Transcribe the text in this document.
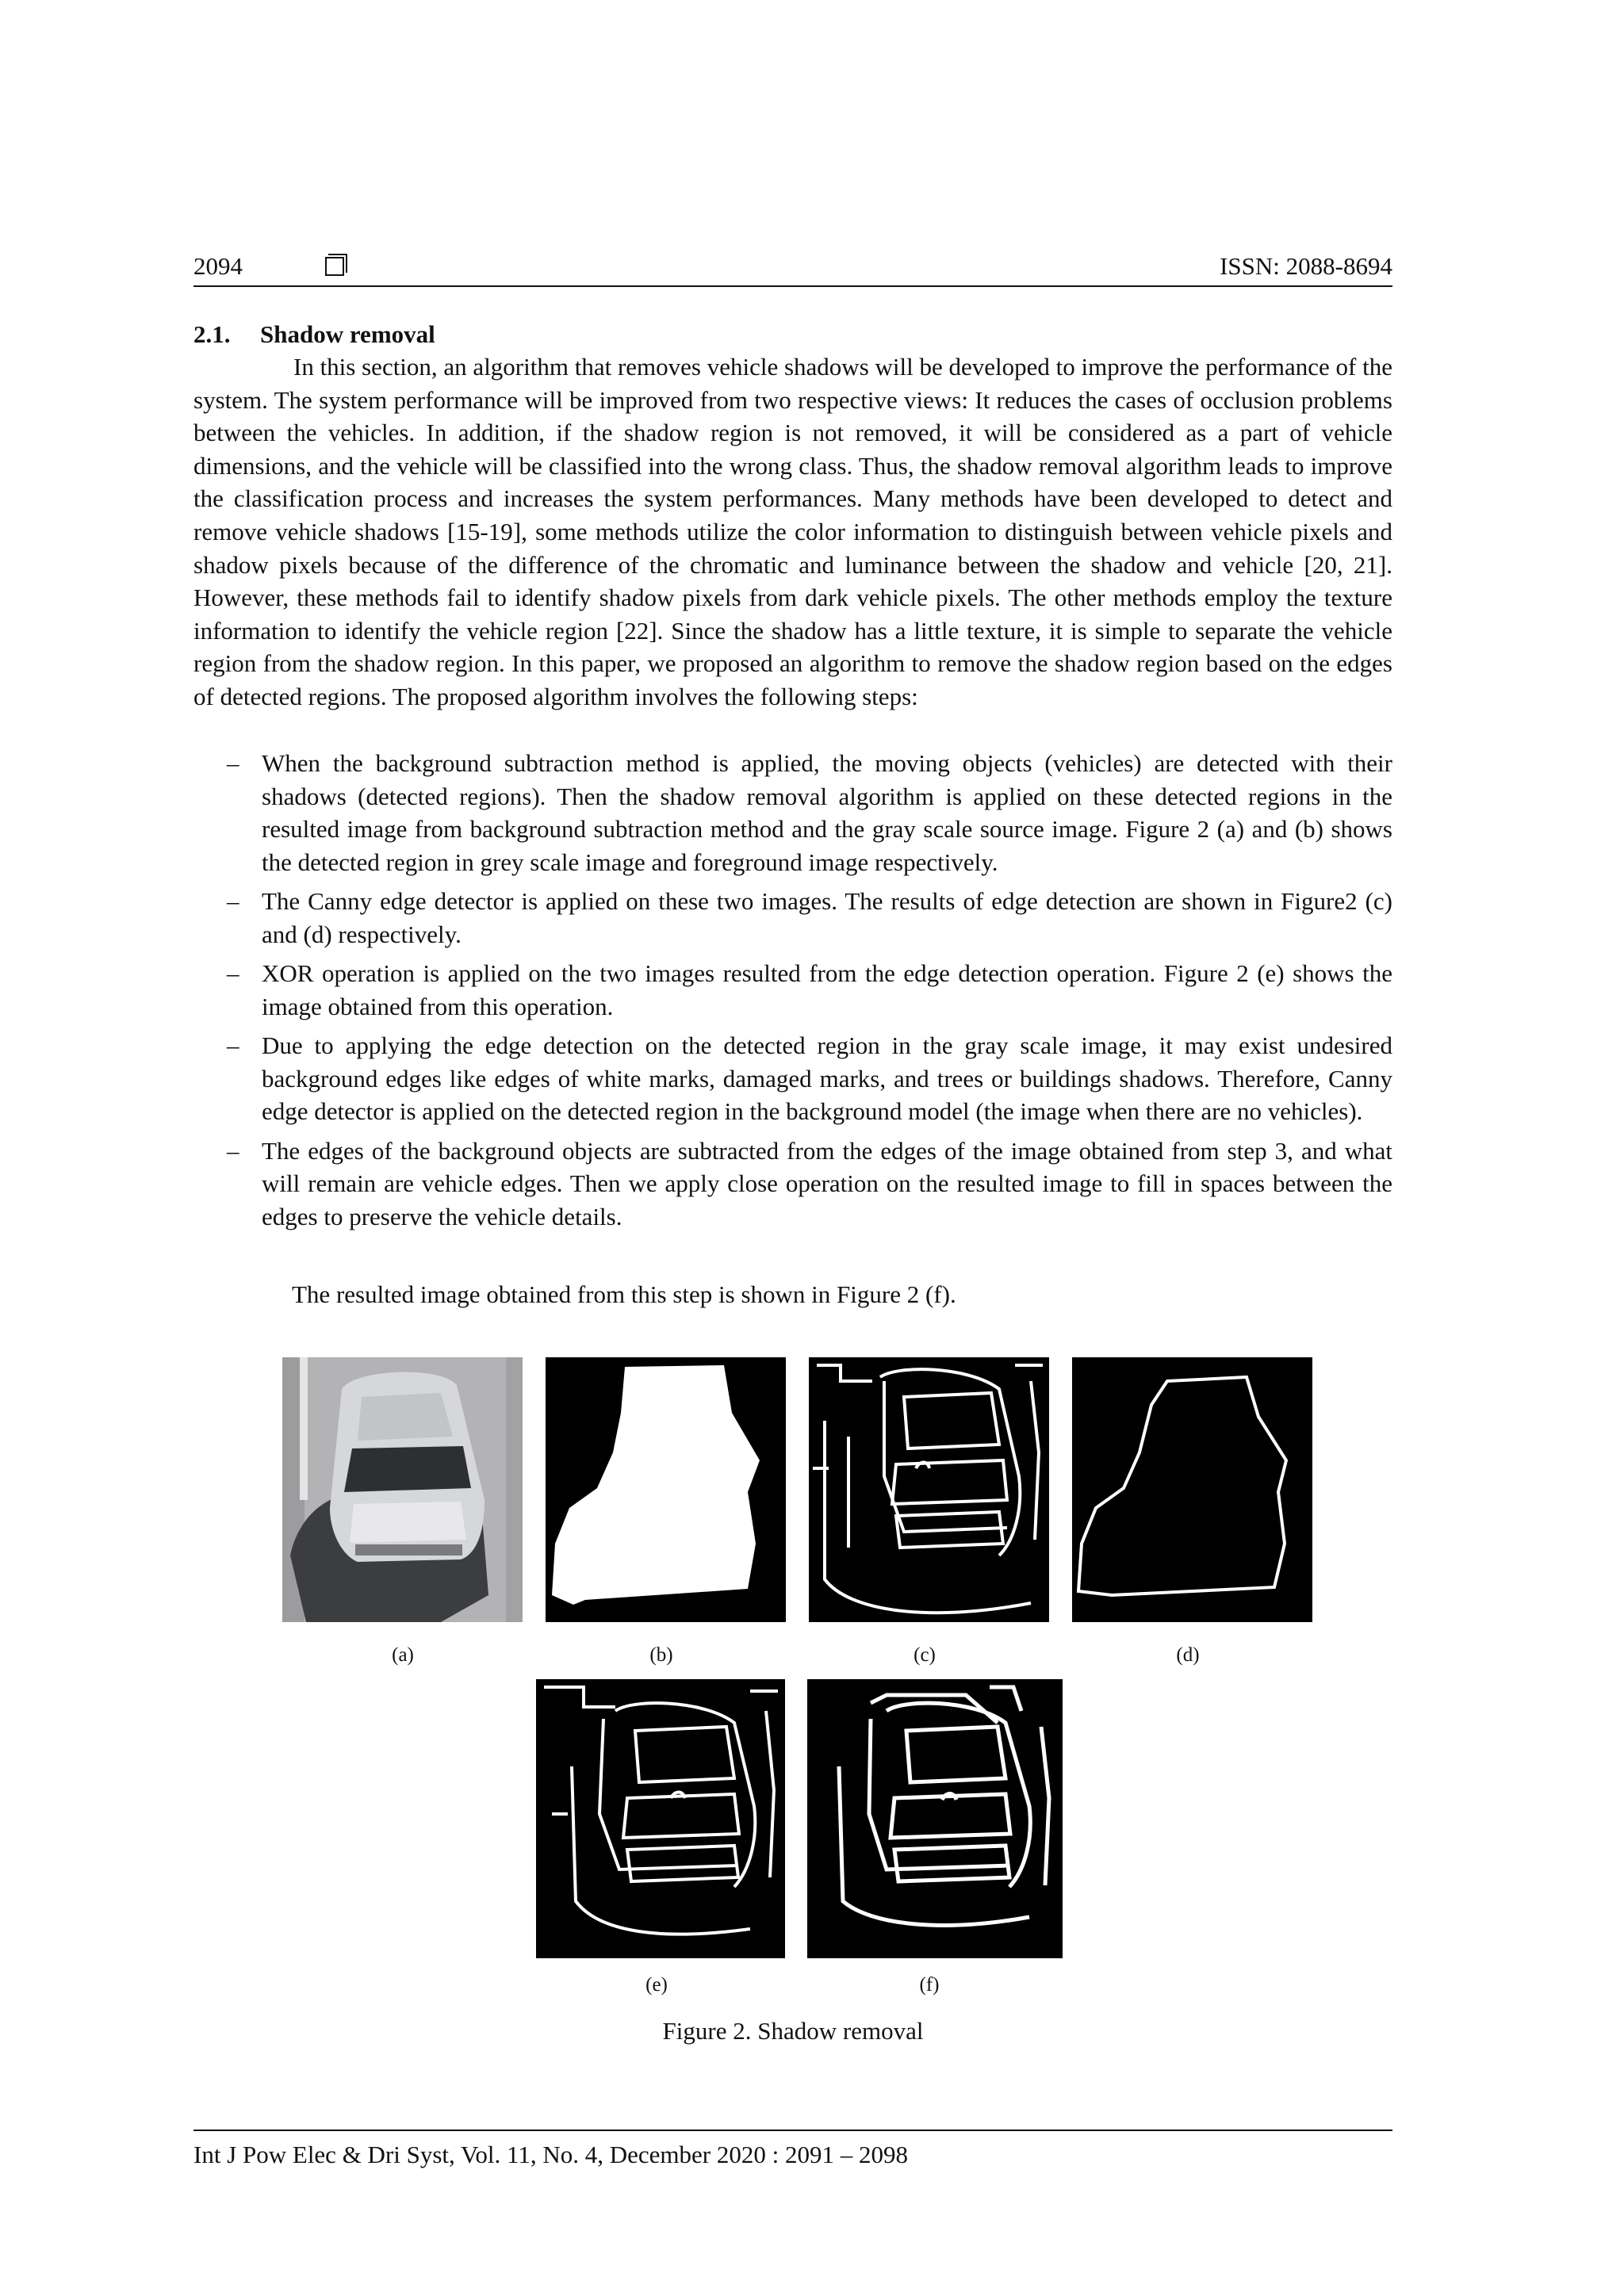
2094	ISSN: 2088-8694
2.1. Shadow removal

In this section, an algorithm that removes vehicle shadows will be developed to improve the performance of the system. The system performance will be improved from two respective views: It reduces the cases of occlusion problems between the vehicles. In addition, if the shadow region is not removed, it will be considered as a part of vehicle dimensions, and the vehicle will be classified into the wrong class. Thus, the shadow removal algorithm leads to improve the classification process and increases the system performances. Many methods have been developed to detect and remove vehicle shadows [15-19], some methods utilize the color information to distinguish between vehicle pixels and shadow pixels because of the difference of the chromatic and luminance between the shadow and vehicle [20, 21]. However, these methods fail to identify shadow pixels from dark vehicle pixels. The other methods employ the texture information to identify the vehicle region [22]. Since the shadow has a little texture, it is simple to separate the vehicle region from the shadow region. In this paper, we proposed an algorithm to remove the shadow region based on the edges of detected regions. The proposed algorithm involves the following steps:

– When the background subtraction method is applied, the moving objects (vehicles) are detected with their shadows (detected regions). Then the shadow removal algorithm is applied on these detected regions in the resulted image from background subtraction method and the gray scale source image. Figure 2 (a) and (b) shows the detected region in grey scale image and foreground image respectively.
– The Canny edge detector is applied on these two images. The results of edge detection are shown in Figure2 (c) and (d) respectively.
– XOR operation is applied on the two images resulted from the edge detection operation. Figure 2 (e) shows the image obtained from this operation.
– Due to applying the edge detection on the detected region in the gray scale image, it may exist undesired background edges like edges of white marks, damaged marks, and trees or buildings shadows. Therefore, Canny edge detector is applied on the detected region in the background model (the image when there are no vehicles).
– The edges of the background objects are subtracted from the edges of the image obtained from step 3, and what will remain are vehicle edges. Then we apply close operation on the resulted image to fill in spaces between the edges to preserve the vehicle details.
The resulted image obtained from this step is shown in Figure 2 (f).
(a)	(b)	(c)	(d)
(e)	(f)
Figure 2. Shadow removal
Int J Pow Elec & Dri Syst, Vol. 11, No. 4, December 2020 : 2091 – 2098
